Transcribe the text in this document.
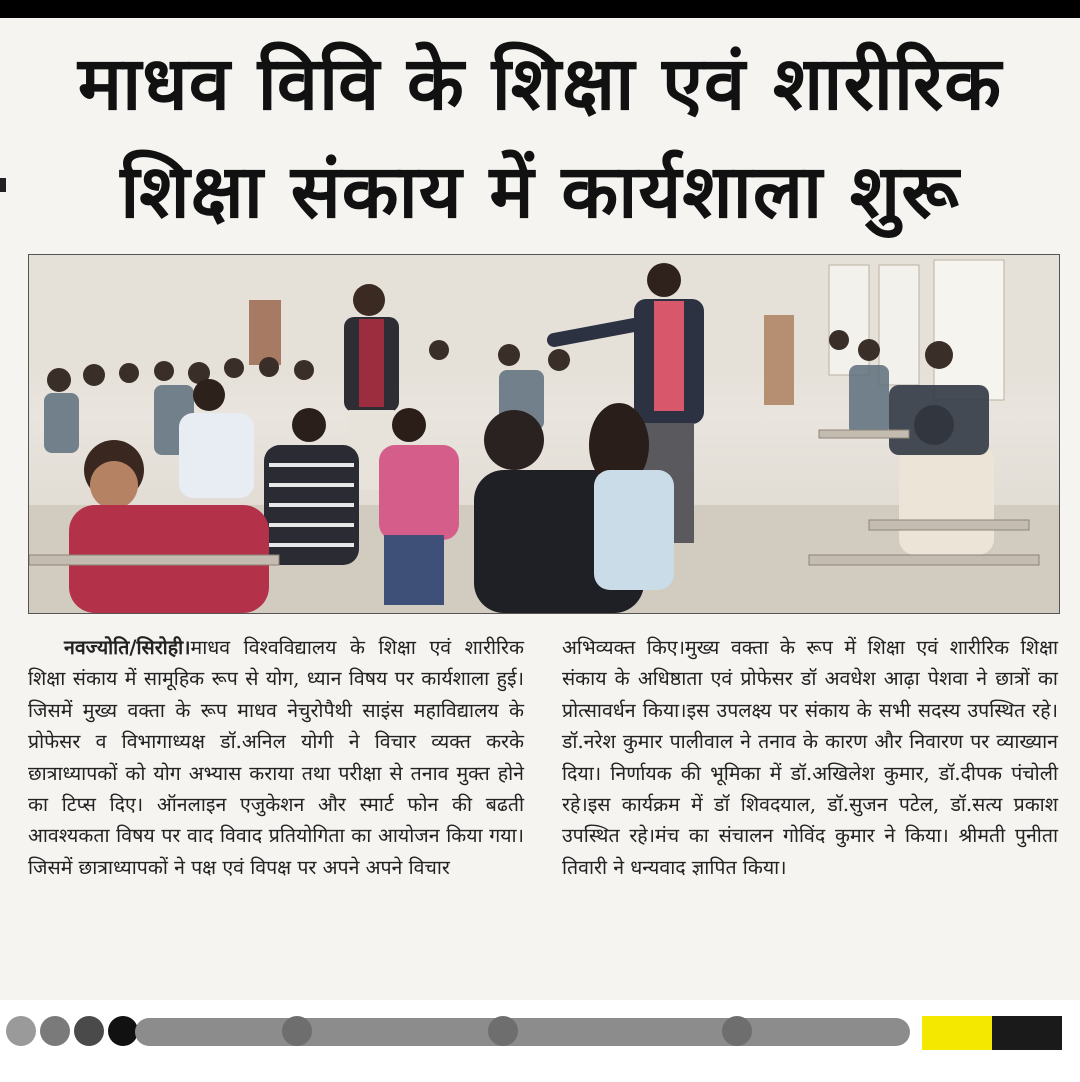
माधव विवि के शिक्षा एवं शारीरिक
शिक्षा संकाय में कार्यशाला शुरू

नवज्योति/सिरोही।माधव विश्वविद्यालय के शिक्षा एवं शारीरिक शिक्षा संकाय में सामूहिक रूप से योग, ध्यान विषय पर कार्यशाला हुई। जिसमें मुख्य वक्ता के रूप माधव नेचुरोपैथी साइंस महाविद्यालय के प्रोफेसर व विभागाध्यक्ष डॉ.अनिल योगी ने विचार व्यक्त करके छात्राध्यापकों को योग अभ्यास कराया तथा परीक्षा से तनाव मुक्त होने का टिप्स दिए। ऑनलाइन एजुकेशन और स्मार्ट फोन की बढती आवश्यकता विषय पर वाद विवाद प्रतियोगिता का आयोजन किया गया। जिसमें छात्राध्यापकों ने पक्ष एवं विपक्ष पर अपने अपने विचार

अभिव्यक्त किए।मुख्य वक्ता के रूप में शिक्षा एवं शारीरिक शिक्षा संकाय के अधिष्ठाता एवं प्रोफेसर डॉ अवधेश आढ़ा पेशवा ने छात्रों का प्रोत्सावर्धन किया।इस उपलक्ष्य पर संकाय के सभी सदस्य उपस्थित रहे।डॉ.नरेश कुमार पालीवाल ने तनाव के कारण और निवारण पर व्याख्यान दिया। निर्णायक की भूमिका में डॉ.अखिलेश कुमार, डॉ.दीपक पंचोली रहे।इस कार्यक्रम में डॉ शिवदयाल, डॉ.सुजन पटेल, डॉ.सत्य प्रकाश उपस्थित रहे।मंच का संचालन गोविंद कुमार ने किया। श्रीमती पुनीता तिवारी ने धन्यवाद ज्ञापित किया।
